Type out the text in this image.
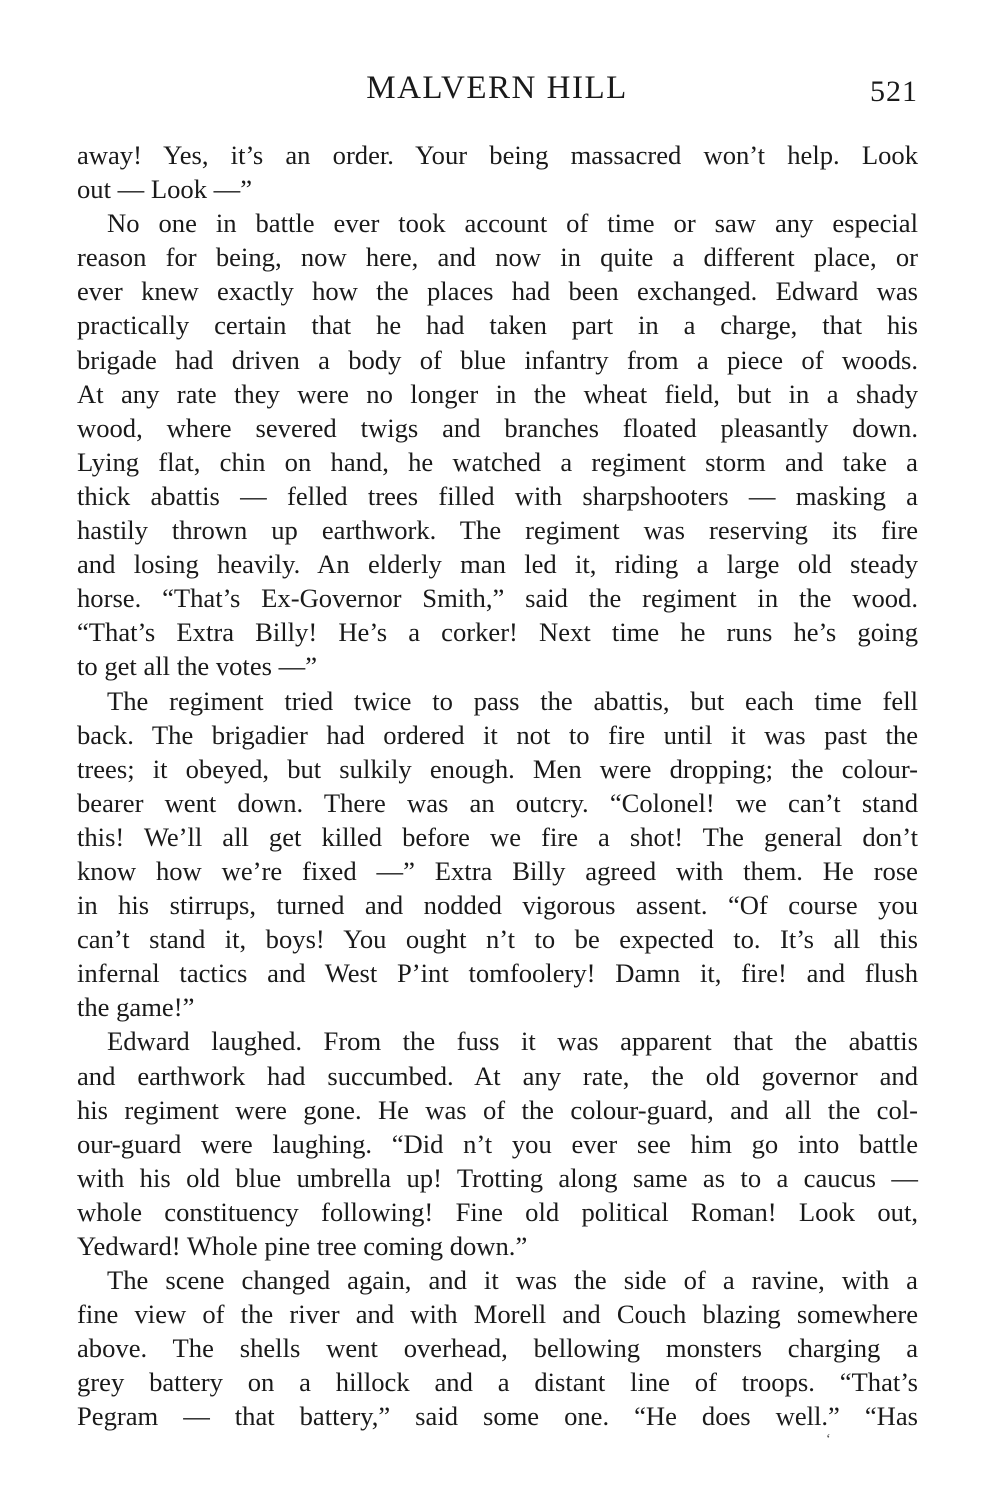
MALVERN HILL	521
away! Yes, it’s an order. Your being massacred won’t help. Look
out — Look —”
No one in battle ever took account of time or saw any especial
reason for being, now here, and now in quite a different place, or
ever knew exactly how the places had been exchanged. Edward was
practically certain that he had taken part in a charge, that his
brigade had driven a body of blue infantry from a piece of woods.
At any rate they were no longer in the wheat field, but in a shady
wood, where severed twigs and branches floated pleasantly down.
Lying flat, chin on hand, he watched a regiment storm and take a
thick abattis — felled trees filled with sharpshooters — masking a
hastily thrown up earthwork. The regiment was reserving its fire
and losing heavily. An elderly man led it, riding a large old steady
horse. “That’s Ex-Governor Smith,” said the regiment in the wood.
“That’s Extra Billy! He’s a corker! Next time he runs he’s going
to get all the votes —”
The regiment tried twice to pass the abattis, but each time fell
back. The brigadier had ordered it not to fire until it was past the
trees; it obeyed, but sulkily enough. Men were dropping; the colour-
bearer went down. There was an outcry. “Colonel! we can’t stand
this! We’ll all get killed before we fire a shot! The general don’t
know how we’re fixed —” Extra Billy agreed with them. He rose
in his stirrups, turned and nodded vigorous assent. “Of course you
can’t stand it, boys! You ought n’t to be expected to. It’s all this
infernal tactics and West P’int tomfoolery! Damn it, fire! and flush
the game!”
Edward laughed. From the fuss it was apparent that the abattis
and earthwork had succumbed. At any rate, the old governor and
his regiment were gone. He was of the colour-guard, and all the col-
our-guard were laughing. “Did n’t you ever see him go into battle
with his old blue umbrella up! Trotting along same as to a caucus —
whole constituency following! Fine old political Roman! Look out,
Yedward! Whole pine tree coming down.”
The scene changed again, and it was the side of a ravine, with a
fine view of the river and with Morell and Couch blazing somewhere
above. The shells went overhead, bellowing monsters charging a
grey battery on a hillock and a distant line of troops. “That’s
Pegram — that battery,” said some one. “He does well.” “Has
‘
